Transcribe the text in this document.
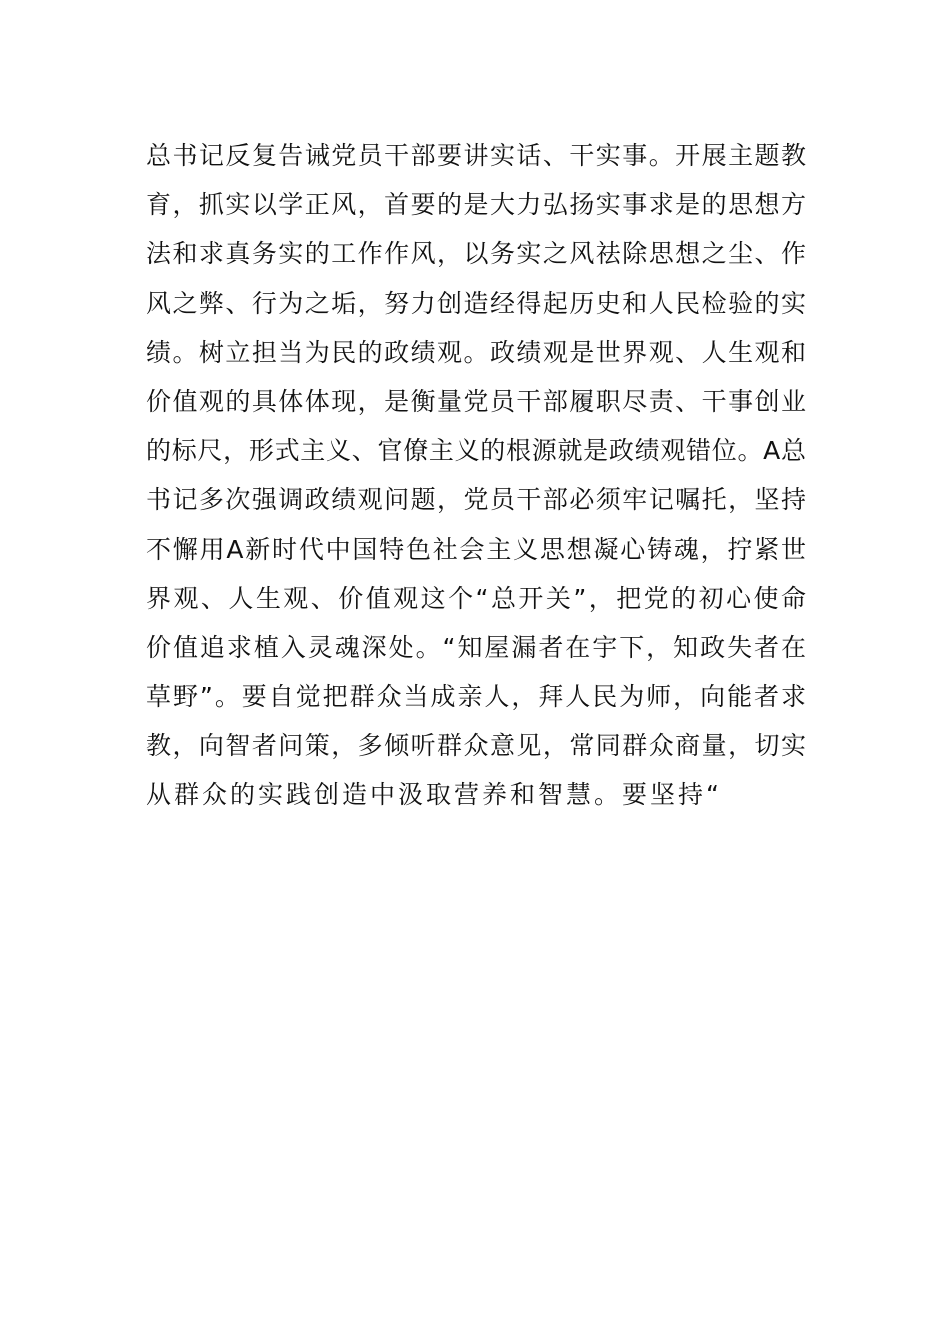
总书记反复告诫党员干部要讲实话、干实事。开展主题教
育，抓实以学正风，首要的是大力弘扬实事求是的思想方
法和求真务实的工作作风，以务实之风祛除思想之尘、作
风之弊、行为之垢，努力创造经得起历史和人民检验的实
绩。树立担当为民的政绩观。政绩观是世界观、人生观和
价值观的具体体现，是衡量党员干部履职尽责、干事创业
的标尺，形式主义、官僚主义的根源就是政绩观错位。A总
书记多次强调政绩观问题，党员干部必须牢记嘱托，坚持
不懈用A新时代中国特色社会主义思想凝心铸魂，拧紧世
界观、人生观、价值观这个“总开关”，把党的初心使命
价值追求植入灵魂深处。“知屋漏者在宇下，知政失者在
草野”。要自觉把群众当成亲人，拜人民为师，向能者求
教，向智者问策，多倾听群众意见，常同群众商量，切实
从群众的实践创造中汲取营养和智慧。要坚持“
